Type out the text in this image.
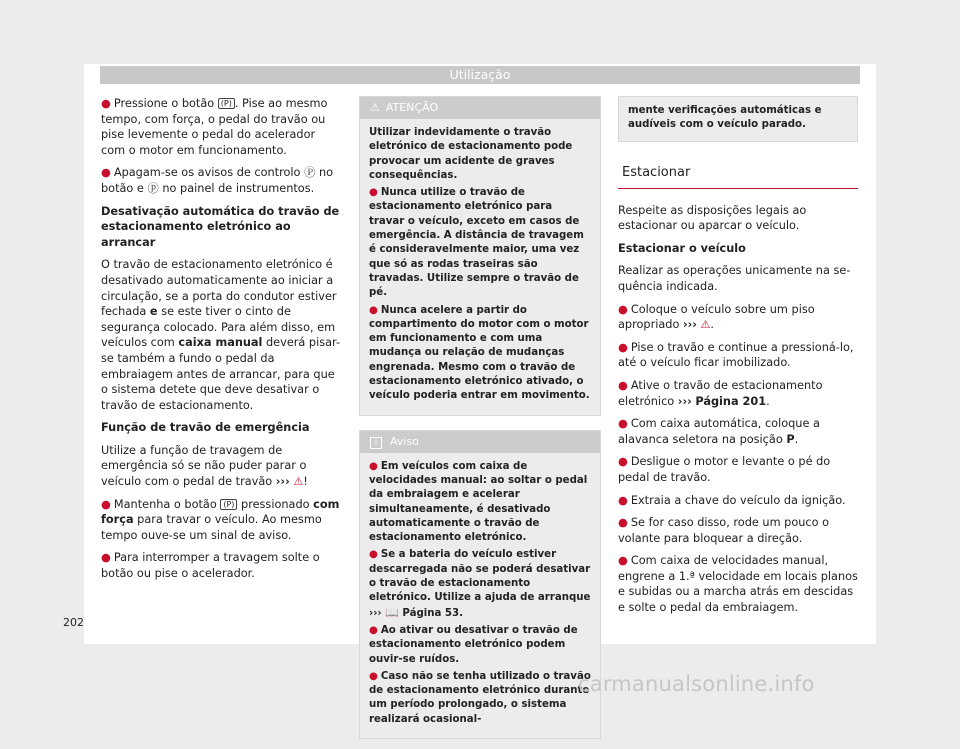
Utilização

● Pressione o botão (P) . Pise ao mesmo tempo, com força, o pedal do travão ou pise levemente o pedal do acelerador com o motor em funcionamento.

● Apagam-se os avisos de controlo Ⓟ no botão e ⓟ no painel de instrumentos.

Desativação automática do travão de estacionamento eletrónico ao arrancar

O travão de estacionamento eletrónico é desativado automaticamente ao iniciar a circulação, se a porta do condutor estiver fechada e se este tiver o cinto de segurança colocado. Para além disso, em veículos com caixa manual deverá pisar-se também a fundo o pedal da embraiagem antes de arrancar, para que o sistema detete que deve desativar o travão de estacionamento.

Função de travão de emergência

Utilize a função de travagem de emergência só se não puder parar o veículo com o pedal de travão ››› ⚠!

● Mantenha o botão (P) pressionado com força para travar o veículo. Ao mesmo tempo ouve-se um sinal de aviso.

● Para interromper a travagem solte o botão ou pise o acelerador.

⚠ ATENÇÃO

Utilizar indevidamente o travão eletrónico de estacionamento pode provocar um acidente de graves consequências.

● Nunca utilize o travão de estacionamento eletrónico para travar o veículo, exceto em casos de emergência. A distância de travagem é consideravelmente maior, uma vez que só as rodas traseiras são travadas. Utilize sempre o travão de pé.

● Nunca acelere a partir do compartimento do motor com o motor em funcionamento e com uma mudança ou relação de mudanças engrenada. Mesmo com o travão de estacionamento eletrónico ativado, o veículo poderia entrar em movimento.

i Aviso

● Em veículos com caixa de velocidades manual: ao soltar o pedal da embraiagem e acelerar simultaneamente, é desativado automaticamente o travão de estacionamento eletrónico.

● Se a bateria do veículo estiver descarregada não se poderá desativar o travão de estacionamento eletrónico. Utilize a ajuda de arranque ››› 📖 Página 53.

● Ao ativar ou desativar o travão de estacionamento eletrónico podem ouvir-se ruídos.

● Caso não se tenha utilizado o travão de estacionamento eletrónico durante um período prolongado, o sistema realizará ocasional-

mente verificações automáticas e audíveis com o veículo parado.
Estacionar

Respeite as disposições legais ao estacionar ou aparcar o veículo.

Estacionar o veículo

Realizar as operações unicamente na sequência indicada.

● Coloque o veículo sobre um piso apropriado ››› ⚠.

● Pise o travão e continue a pressioná-lo, até o veículo ficar imobilizado.

● Ative o travão de estacionamento eletrónico ››› Página 201.

● Com caixa automática, coloque a alavanca seletora na posição P.

● Desligue o motor e levante o pé do pedal de travão.

● Extraia a chave do veículo da ignição.

● Se for caso disso, rode um pouco o volante para bloquear a direção.

● Com caixa de velocidades manual, engrene a 1.ª velocidade em locais planos e subidas ou a marcha atrás em descidas e solte o pedal da embraiagem.

202
carmanualsonline.info
